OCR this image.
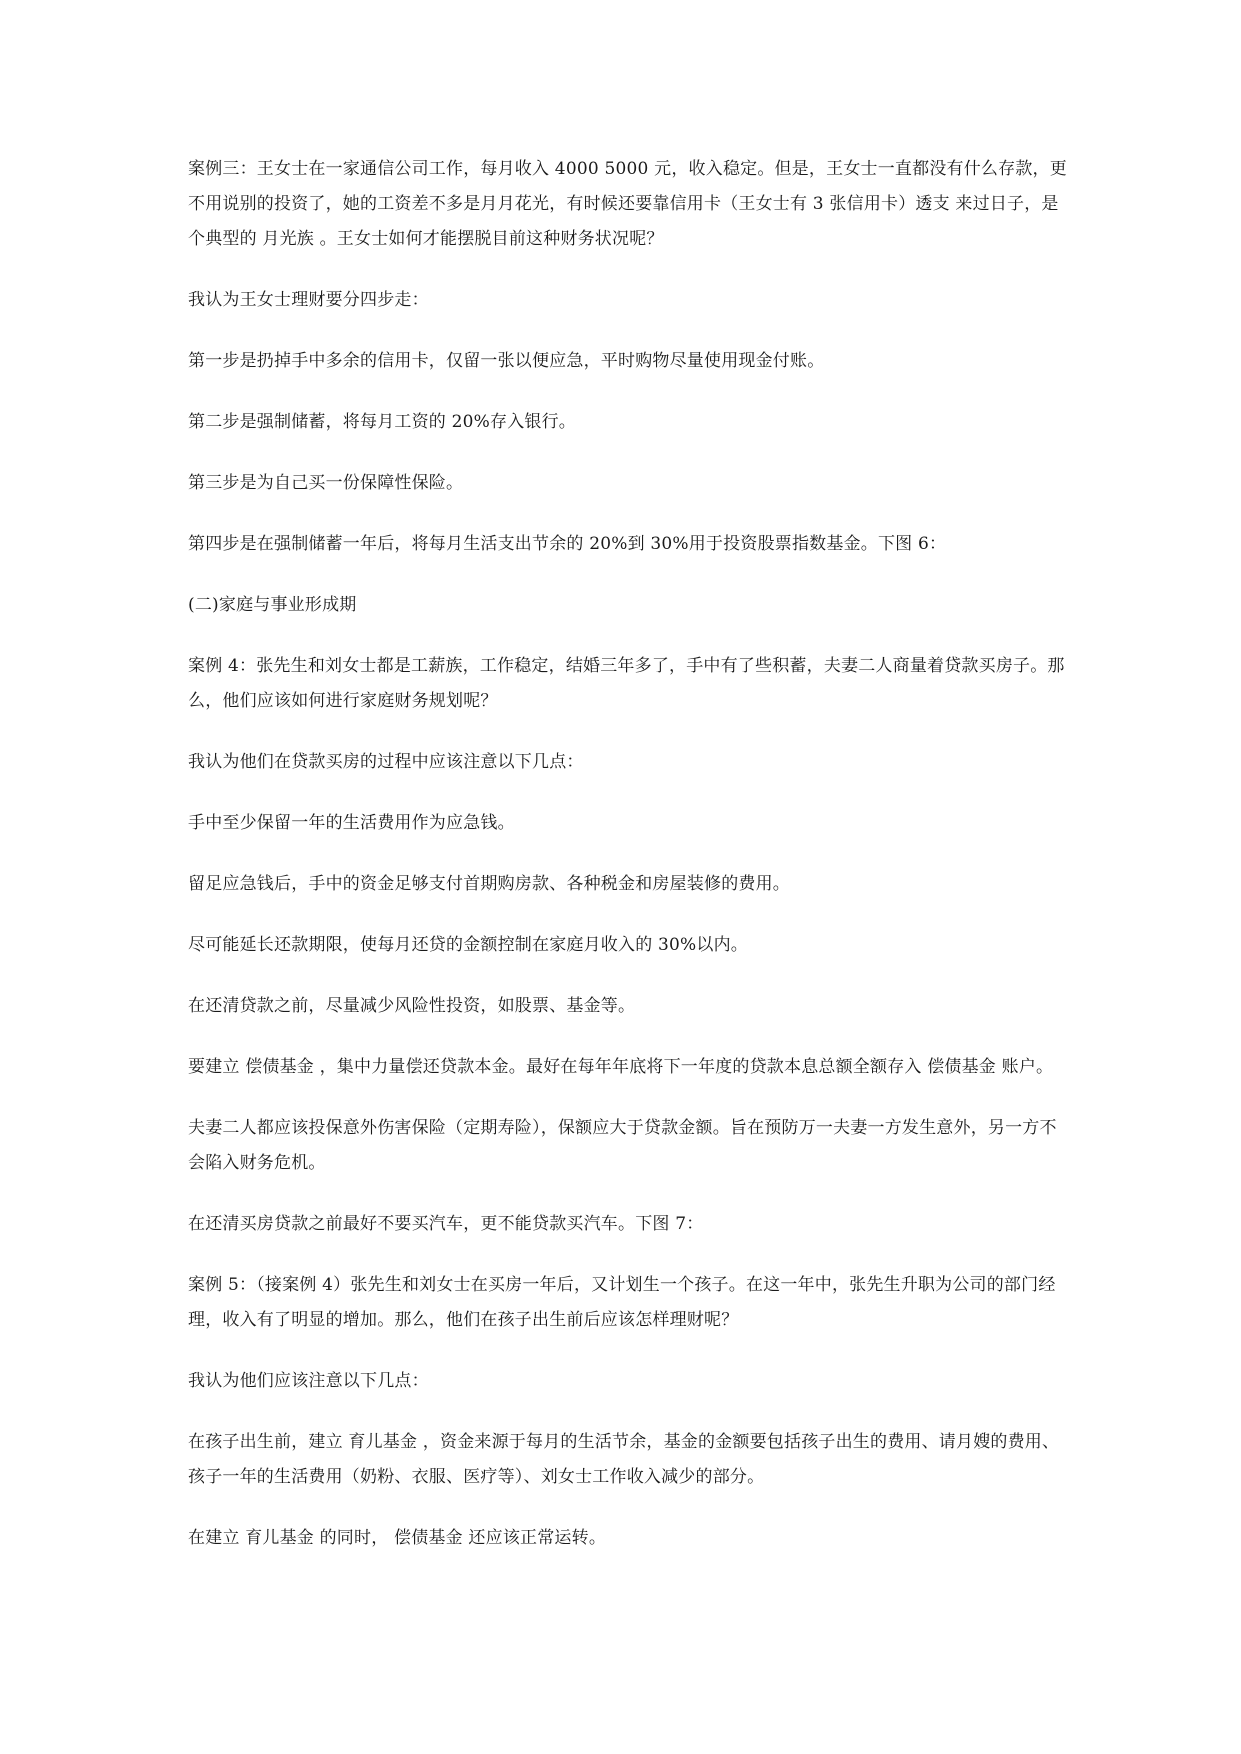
案例三：王女士在一家通信公司工作，每月收入 4000 5000 元，收入稳定。但是，王女士一直都没有什么存款，更不用说别的投资了，她的工资差不多是月月花光，有时候还要靠信用卡（王女士有 3 张信用卡）透支 来过日子，是个典型的 月光族 。王女士如何才能摆脱目前这种财务状况呢？

我认为王女士理财要分四步走：

第一步是扔掉手中多余的信用卡，仅留一张以便应急，平时购物尽量使用现金付账。

第二步是强制储蓄，将每月工资的 20%存入银行。

第三步是为自己买一份保障性保险。

第四步是在强制储蓄一年后，将每月生活支出节余的 20%到 30%用于投资股票指数基金。下图 6：

(二)家庭与事业形成期

案例 4：张先生和刘女士都是工薪族，工作稳定，结婚三年多了，手中有了些积蓄，夫妻二人商量着贷款买房子。那么，他们应该如何进行家庭财务规划呢？

我认为他们在贷款买房的过程中应该注意以下几点：

手中至少保留一年的生活费用作为应急钱。

留足应急钱后，手中的资金足够支付首期购房款、各种税金和房屋装修的费用。

尽可能延长还款期限，使每月还贷的金额控制在家庭月收入的 30%以内。

在还清贷款之前，尽量减少风险性投资，如股票、基金等。

要建立 偿债基金 ，集中力量偿还贷款本金。最好在每年年底将下一年度的贷款本息总额全额存入 偿债基金 账户。

夫妻二人都应该投保意外伤害保险（定期寿险），保额应大于贷款金额。旨在预防万一夫妻一方发生意外，另一方不会陷入财务危机。

在还清买房贷款之前最好不要买汽车，更不能贷款买汽车。下图 7：

案例 5：（接案例 4）张先生和刘女士在买房一年后，又计划生一个孩子。在这一年中，张先生升职为公司的部门经理，收入有了明显的增加。那么，他们在孩子出生前后应该怎样理财呢？

我认为他们应该注意以下几点：

在孩子出生前，建立 育儿基金 ，资金来源于每月的生活节余，基金的金额要包括孩子出生的费用、请月嫂的费用、孩子一年的生活费用（奶粉、衣服、医疗等）、刘女士工作收入减少的部分。

在建立 育儿基金 的同时， 偿债基金 还应该正常运转。
